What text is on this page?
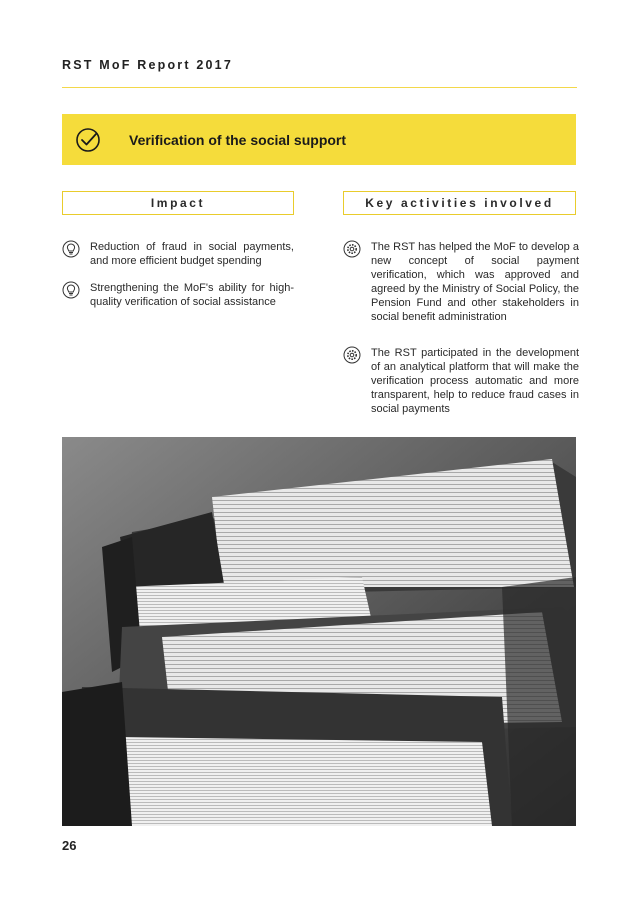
RST MoF Report 2017
Verification of the social support
Impact	Key activities involved
Reduction of fraud in social payments, and more efficient budget spending
Strengthening the MoF's ability for high-quality verification of social assistance
The RST has helped the MoF to develop a new concept of social payment verification, which was approved and agreed by the Ministry of Social Policy, the Pension Fund and other stakeholders in social benefit administration
The RST participated in the development of an analytical platform that will make the verification process automatic and more transparent, help to reduce fraud cases in social payments
26
